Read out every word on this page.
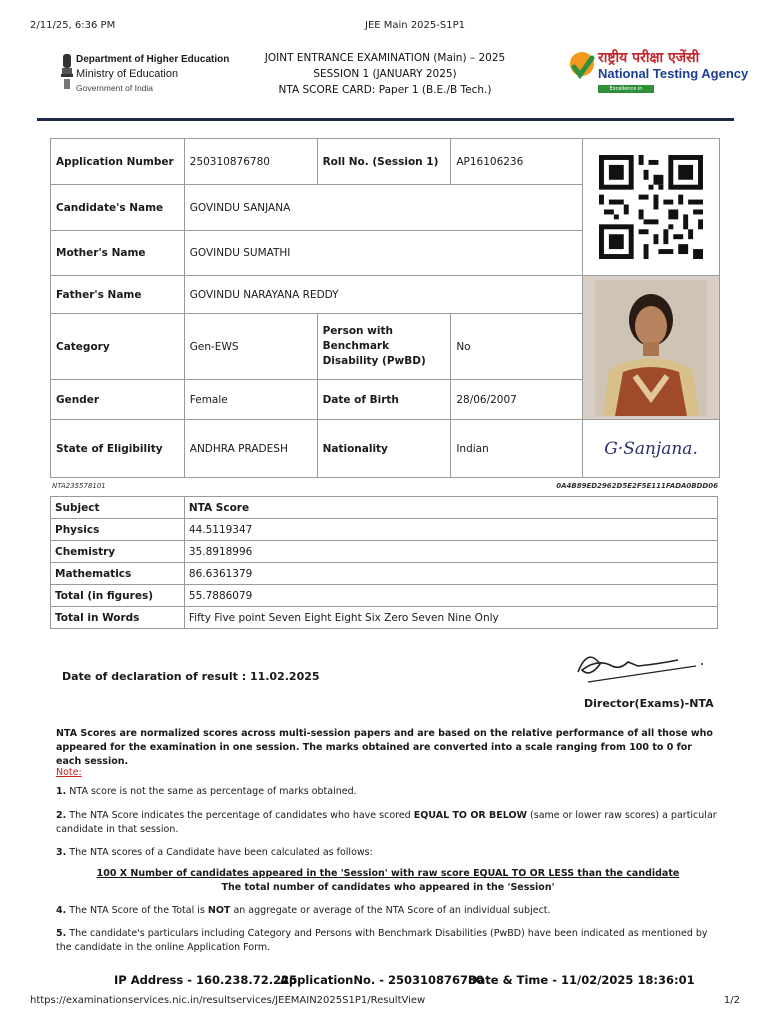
2/11/25, 6:36 PM	JEE Main 2025-S1P1
Department of Higher Education
Ministry of Education
Government of India
JOINT ENTRANCE EXAMINATION (Main) – 2025
SESSION 1 (JANUARY 2025)
NTA SCORE CARD: Paper 1 (B.E./B Tech.)
राष्ट्रीय परीक्षा एजेंसी
National Testing Agency
Excellence in Assessment
Application Number	250310876780	Roll No. (Session 1)	AP16106236	

Candidate's Name	GOVINDU SANJANA			
Mother's Name	GOVINDU SUMATHI			
Father's Name	GOVINDU NARAYANA REDDY	

Category	Gen-EWS	Person with Benchmark Disability (PwBD)	No	
Gender	Female	Date of Birth	28/06/2007	
State of Eligibility	ANDHRA PRADESH	Nationality	Indian	G·Sanjana.
NTA235578101	0A4B89ED2962D5E2F5E111FADA0BDD06
Subject	NTA Score
Physics	44.5119347
Chemistry	35.8918996
Mathematics	86.6361379
Total (in figures)	55.7886079
Total in Words	Fifty Five point Seven Eight Eight Six Zero Seven Nine Only
Date of declaration of result : 11.02.2025
Director(Exams)-NTA
NTA Scores are normalized scores across multi-session papers and are based on the relative performance of all those who appeared for the examination in one session. The marks obtained are converted into a scale ranging from 100 to 0 for each session.
Note:
1. NTA score is not the same as percentage of marks obtained.
2. The NTA Score indicates the percentage of candidates who have scored EQUAL TO OR BELOW (same or lower raw scores) a particular candidate in that session.
3. The NTA scores of a Candidate have been calculated as follows:
100 X Number of candidates appeared in the 'Session' with raw score EQUAL TO OR LESS than the candidate
The total number of candidates who appeared in the 'Session'
4. The NTA Score of the Total is NOT an aggregate or average of the NTA Score of an individual subject.
5. The candidate's particulars including Category and Persons with Benchmark Disabilities (PwBD) have been indicated as mentioned by the candidate in the online Application Form.
IP Address - 160.238.72.225
ApplicationNo. - 250310876780
Date & Time - 11/02/2025 18:36:01
https://examinationservices.nic.in/resultservices/JEEMAIN2025S1P1/ResultView	1/2
